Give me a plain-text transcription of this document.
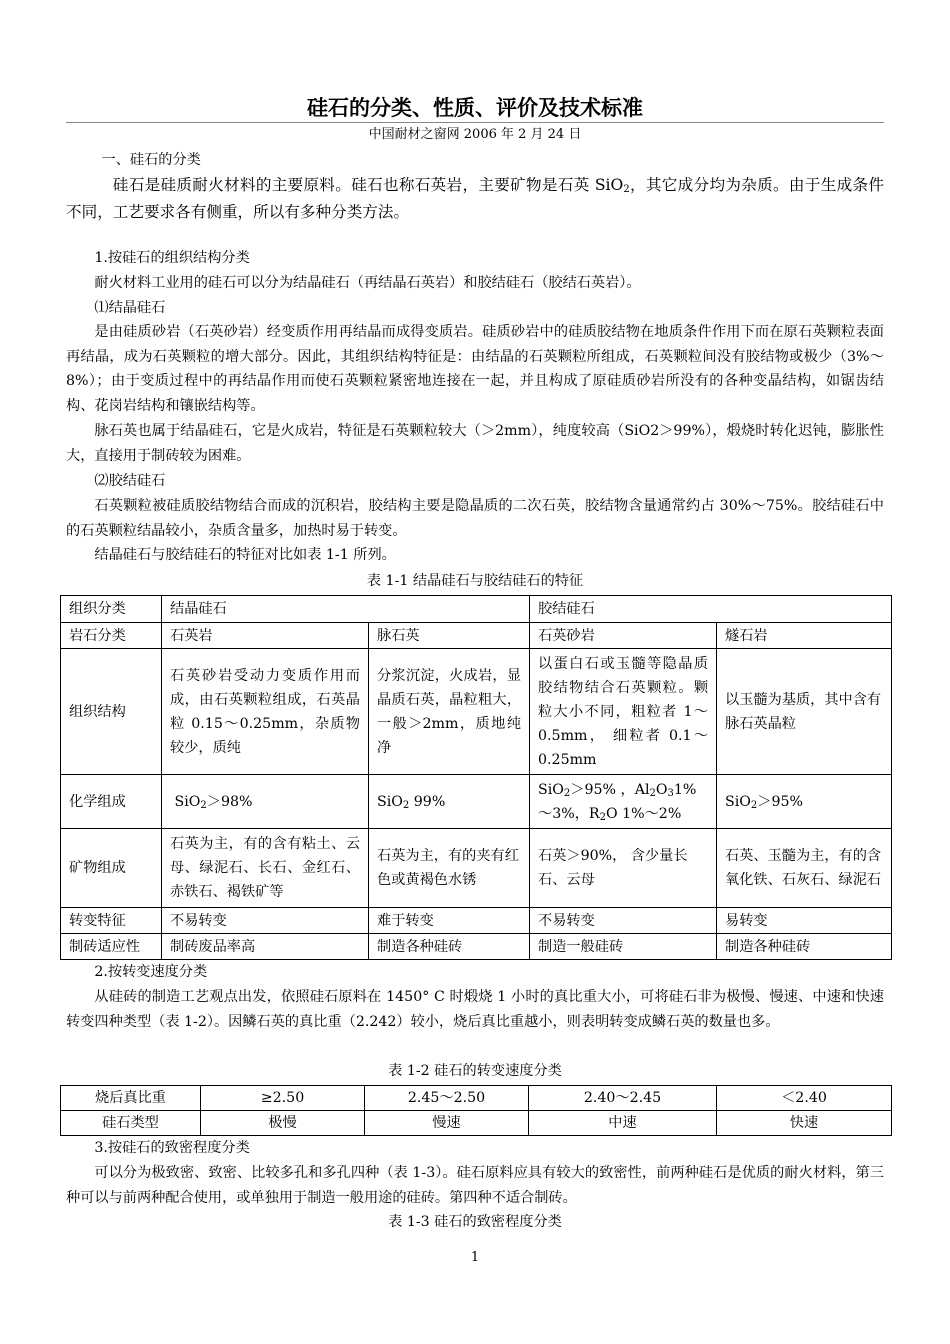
硅石的分类、性质、评价及技术标准
中国耐材之窗网 2006 年 2 月 24 日

一、硅石的分类

硅石是硅质耐火材料的主要原料。硅石也称石英岩，主要矿物是石英 SiO$_2$，其它成分均为杂质。由于生成条件不同，工艺要求各有侧重，所以有多种分类方法。

1.按硅石的组织结构分类

耐火材料工业用的硅石可以分为结晶硅石（再结晶石英岩）和胶结硅石（胶结石英岩）。

⑴结晶硅石

是由硅质砂岩（石英砂岩）经变质作用再结晶而成得变质岩。硅质砂岩中的硅质胶结物在地质条件作用下而在原石英颗粒表面再结晶，成为石英颗粒的增大部分。因此，其组织结构特征是：由结晶的石英颗粒所组成，石英颗粒间没有胶结物或极少（3%～8%）；由于变质过程中的再结晶作用而使石英颗粒紧密地连接在一起，并且构成了原硅质砂岩所没有的各种变晶结构，如锯齿结构、花岗岩结构和镶嵌结构等。

脉石英也属于结晶硅石，它是火成岩，特征是石英颗粒较大（＞2mm），纯度较高（SiO2＞99%），煅烧时转化迟钝，膨胀性大，直接用于制砖较为困难。

⑵胶结硅石

石英颗粒被硅质胶结物结合而成的沉积岩，胶结构主要是隐晶质的二次石英，胶结物含量通常约占 30%～75%。胶结硅石中的石英颗粒结晶较小，杂质含量多，加热时易于转变。

结晶硅石与胶结硅石的特征对比如表 1-1 所列。

表 1-1 结晶硅石与胶结硅石的特征
组织分类	结晶硅石		胶结硅石	
岩石分类	石英岩	脉石英	石英砂岩	燧石岩
组织结构	石英砂岩受动力变质作用而成，由石英颗粒组成，石英晶粒 0.15～0.25mm，杂质物较少，质纯	分浆沉淀，火成岩，显晶质石英，晶粒粗大，一般＞2mm，质地纯净	以蛋白石或玉髓等隐晶质胶结物结合石英颗粒。颗粒大小不同，粗粒者 1～0.5mm， 细粒者 0.1～0.25mm	以玉髓为基质，其中含有脉石英晶粒
化学组成	SiO$_2$＞98%	SiO$_2$ 99%	SiO$_2$＞95% ，$Al_2O_31\%\sim 3\%$，$R_2O$ 1%～2%	SiO$_2$＞95%
矿物组成	石英为主，有的含有粘土、云母、绿泥石、长石、金红石、赤铁石、褐铁矿等	石英为主，有的夹有红色或黄褐色水锈	石英＞90%， 含少量长石、云母	石英、玉髓为主，有的含氧化铁、石灰石、绿泥石
转变特征	不易转变	难于转变	不易转变	易转变
制砖适应性	制砖废品率高	制造各种硅砖	制造一般硅砖	制造各种硅砖

2.按转变速度分类

从硅砖的制造工艺观点出发，依照硅石原料在 1450° C 时煅烧 1 小时的真比重大小，可将硅石非为极慢、慢速、中速和快速转变四种类型（表 1-2）。因鳞石英的真比重（2.242）较小，烧后真比重越小，则表明转变成鳞石英的数量也多。

表 1-2 硅石的转变速度分类
烧后真比重	≥2.50	2.45～2.50	2.40～2.45	＜2.40
硅石类型	极慢	慢速	中速	快速

3.按硅石的致密程度分类

可以分为极致密、致密、比较多孔和多孔四种（表 1-3）。硅石原料应具有较大的致密性，前两种硅石是优质的耐火材料，第三种可以与前两种配合使用，或单独用于制造一般用途的硅砖。第四种不适合制砖。

表 1-3 硅石的致密程度分类
1
